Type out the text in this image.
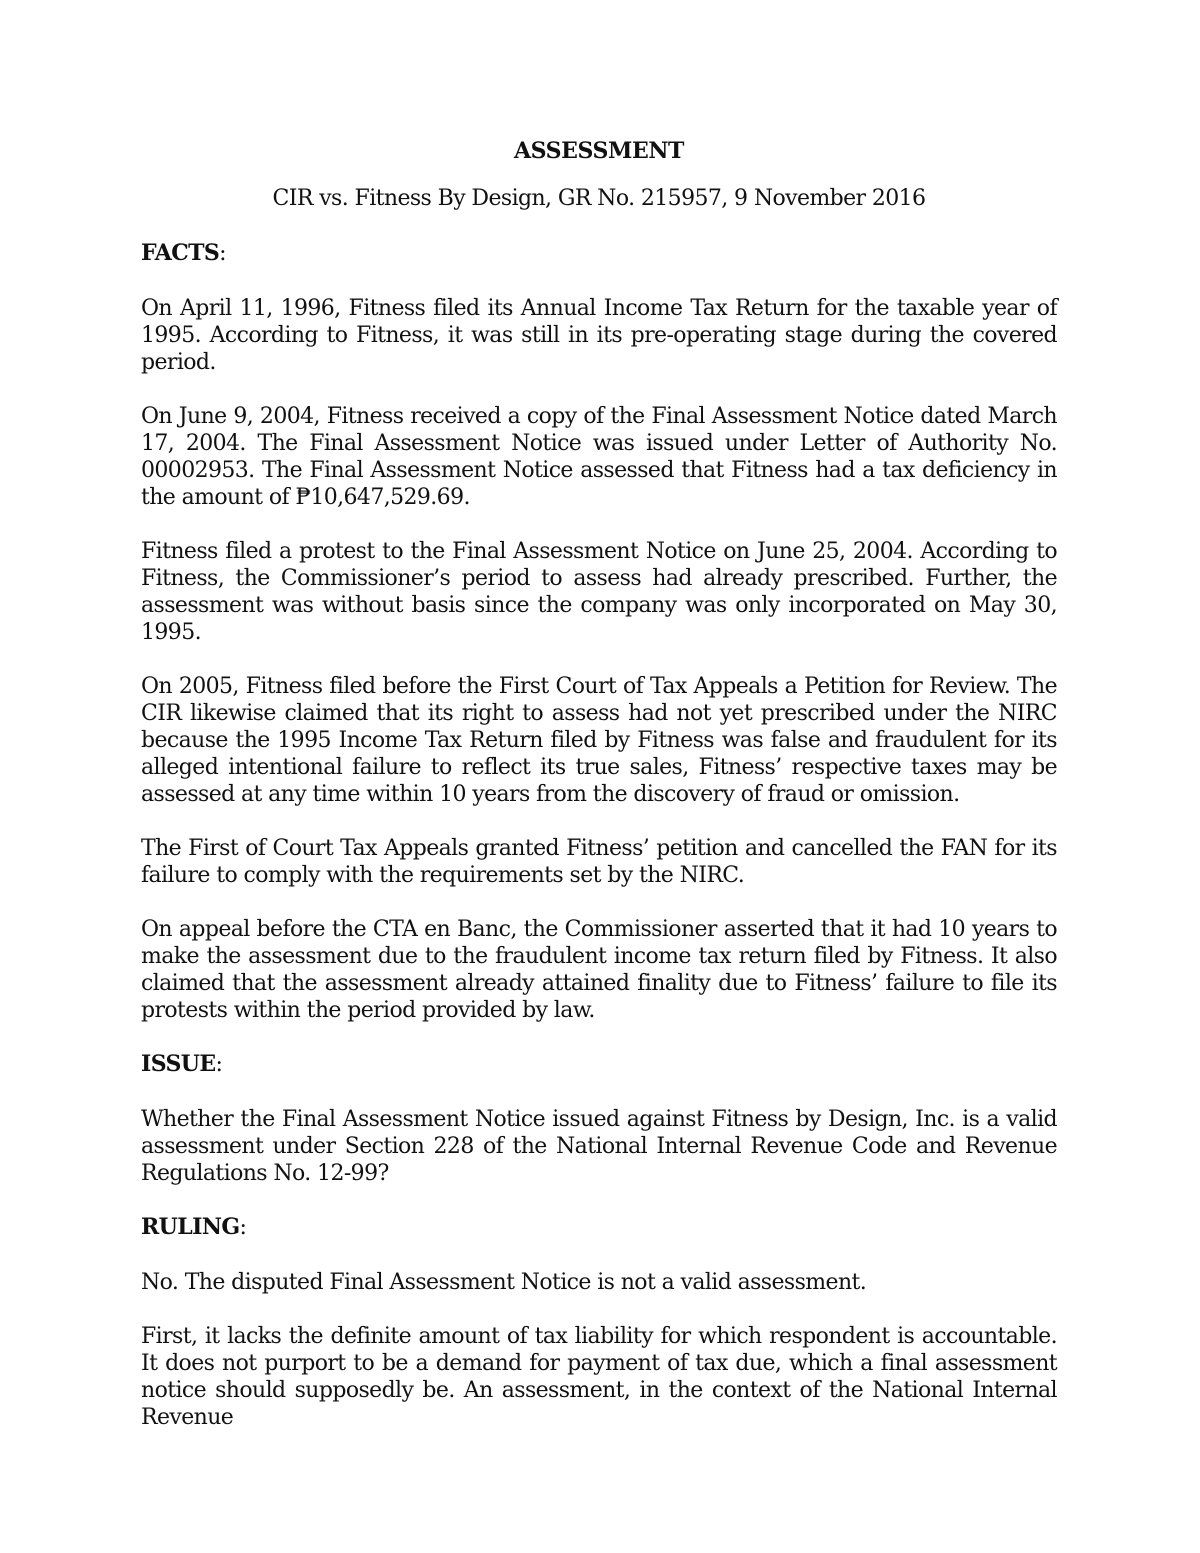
ASSESSMENT
CIR vs. Fitness By Design, GR No. 215957, 9 November 2016
FACTS:

On April 11, 1996, Fitness filed its Annual Income Tax Return for the taxable year of 1995. According to Fitness, it was still in its pre-operating stage during the covered period.

On June 9, 2004, Fitness received a copy of the Final Assessment Notice dated March 17, 2004. The Final Assessment Notice was issued under Letter of Authority No. 00002953. The Final Assessment Notice assessed that Fitness had a tax deficiency in the amount of ₱10,647,529.69.

Fitness filed a protest to the Final Assessment Notice on June 25, 2004. According to Fitness, the Commissioner’s period to assess had already prescribed. Further, the assessment was without basis since the company was only incorporated on May 30, 1995.

On 2005, Fitness filed before the First Court of Tax Appeals a Petition for Review. The CIR likewise claimed that its right to assess had not yet prescribed under the NIRC because the 1995 Income Tax Return filed by Fitness was false and fraudulent for its alleged intentional failure to reflect its true sales, Fitness’ respective taxes may be assessed at any time within 10 years from the discovery of fraud or omission.

The First of Court Tax Appeals granted Fitness’ petition and cancelled the FAN for its failure to comply with the requirements set by the NIRC.

On appeal before the CTA en Banc, the Commissioner asserted that it had 10 years to make the assessment due to the fraudulent income tax return filed by Fitness. It also claimed that the assessment already attained finality due to Fitness’ failure to file its protests within the period provided by law.

ISSUE:

Whether the Final Assessment Notice issued against Fitness by Design, Inc. is a valid assessment under Section 228 of the National Internal Revenue Code and Revenue Regulations No. 12-99?

RULING:

No. The disputed Final Assessment Notice is not a valid assessment.

First, it lacks the definite amount of tax liability for which respondent is accountable. It does not purport to be a demand for payment of tax due, which a final assessment notice should supposedly be. An assessment, in the context of the National Internal Revenue
